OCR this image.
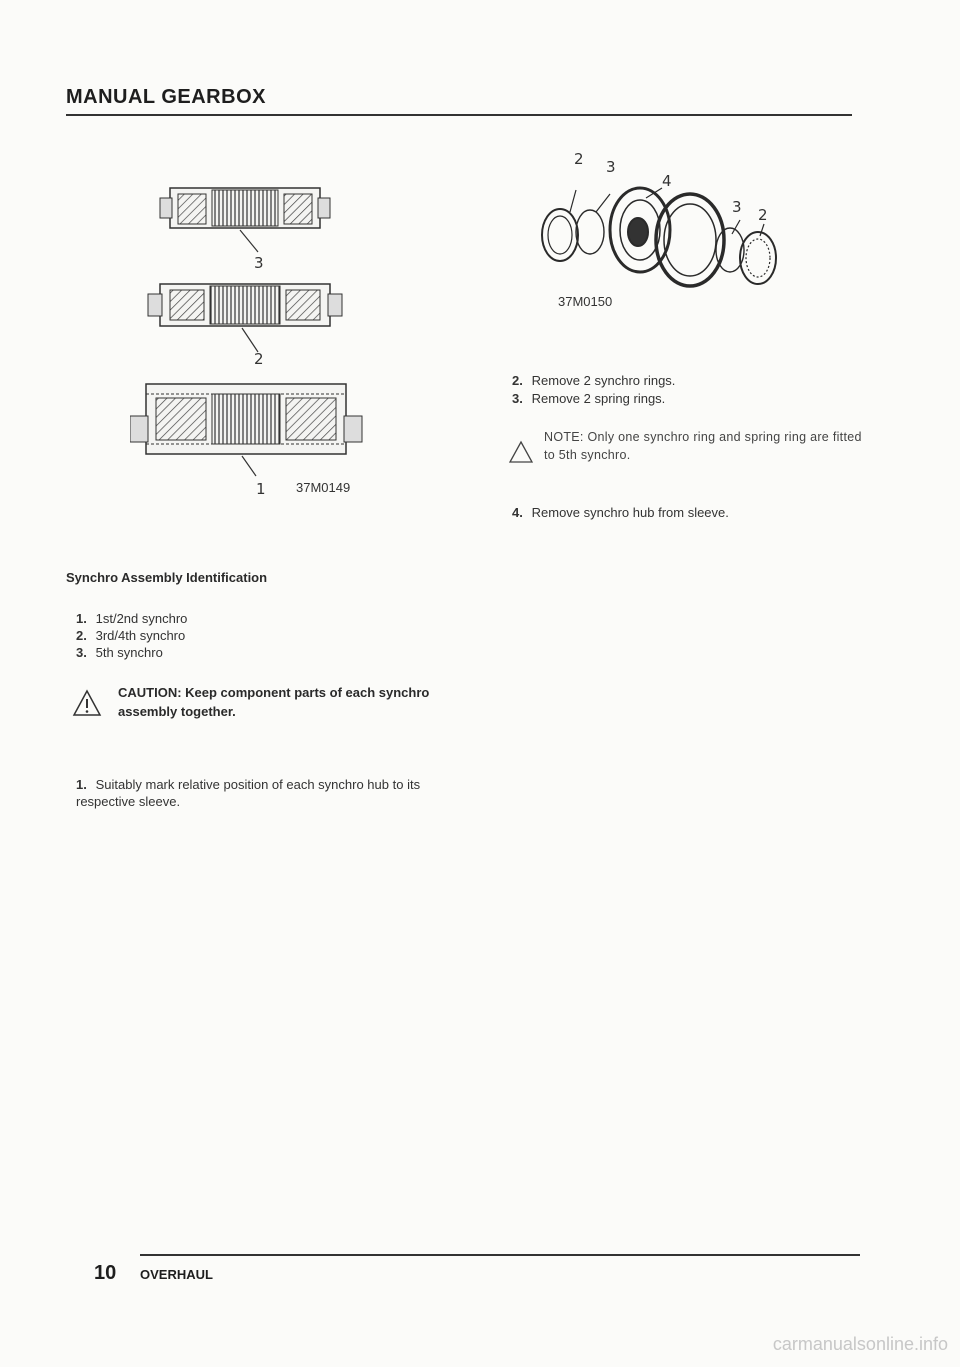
MANUAL GEARBOX
3
2
1 37M0149
2 3
4
3 2
37M0150
Synchro Assembly Identification
1. 1st/2nd synchro
2. 3rd/4th synchro
3. 5th synchro
CAUTION: Keep component parts of each synchro assembly together.
1. Suitably mark relative position of each synchro hub to its respective sleeve.
2. Remove 2 synchro rings.
3. Remove 2 spring rings.
NOTE: Only one synchro ring and spring ring are fitted to 5th synchro.
4. Remove synchro hub from sleeve.
10 OVERHAUL
carmanualsonline.info
